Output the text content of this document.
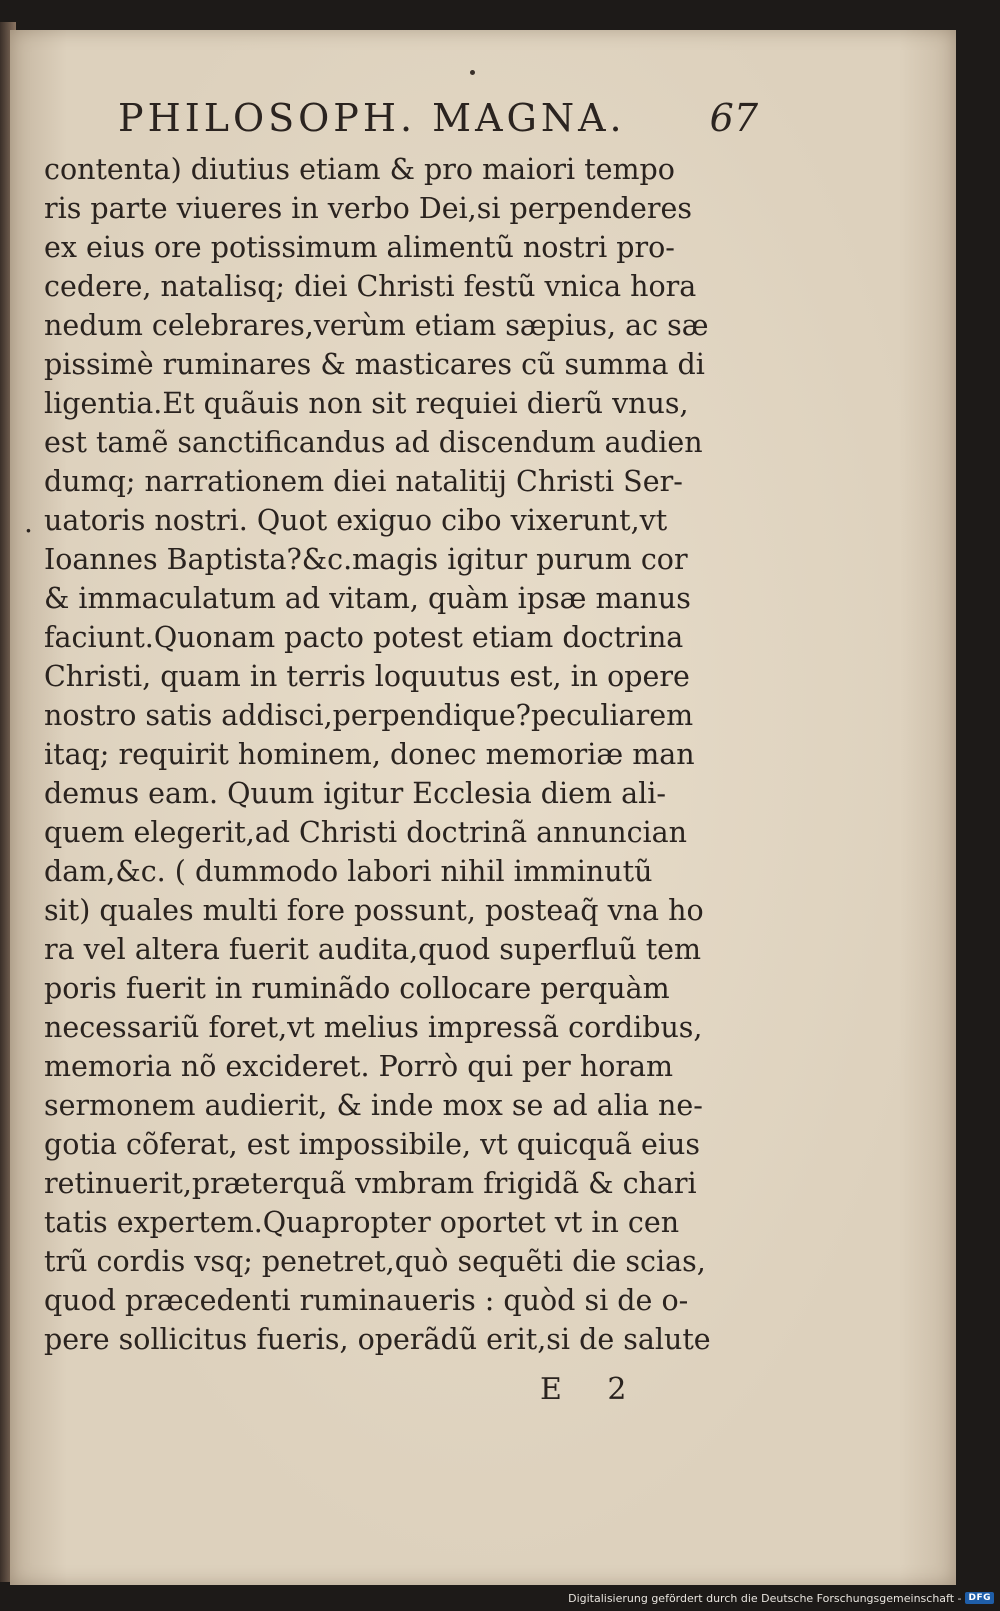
PHILOSOPH. MAGNA. 67
.
contenta) diutius etiam & pro maiori tempo
ris parte viueres in verbo Dei,si perpenderes
ex eius ore potissimum alimentũ nostri pro-
cedere, natalisq; diei Christi festũ vnica hora
nedum celebrares,verùm etiam sæpius, ac sæ
pissimè ruminares & masticares cũ summa di
ligentia.Et quãuis non sit requiei dierũ vnus,
est tamẽ sanctificandus ad discendum audien
dumq; narrationem diei natalitij Christi Ser-
uatoris nostri. Quot exiguo cibo vixerunt,vt
Ioannes Baptista?&c.magis igitur purum cor
& immaculatum ad vitam, quàm ipsæ manus
faciunt.Quonam pacto potest etiam doctrina
Christi, quam in terris loquutus est, in opere
nostro satis addisci,perpendique?peculiarem
itaq; requirit hominem, donec memoriæ man
demus eam. Quum igitur Ecclesia diem ali-
quem elegerit,ad Christi doctrinã annuncian
dam,&c. ( dummodo labori nihil imminutũ
sit) quales multi fore possunt, posteaq̃ vna ho
ra vel altera fuerit audita,quod superfluũ tem
poris fuerit in ruminãdo collocare perquàm
necessariũ foret,vt melius impressã cordibus,
memoria nõ excideret. Porrò qui per horam
sermonem audierit, & inde mox se ad alia ne-
gotia cõferat, est impossibile, vt quicquã eius
retinuerit,præterquã vmbram frigidã & chari
tatis expertem.Quapropter oportet vt in cen
trũ cordis vsq; penetret,quò sequẽti die scias,
quod præcedenti ruminaueris : quòd si de o-
pere sollicitus fueris, operãdũ erit,si de salute
E 2
Digitalisierung gefördert durch die Deutsche Forschungsgemeinschaft - DFG
